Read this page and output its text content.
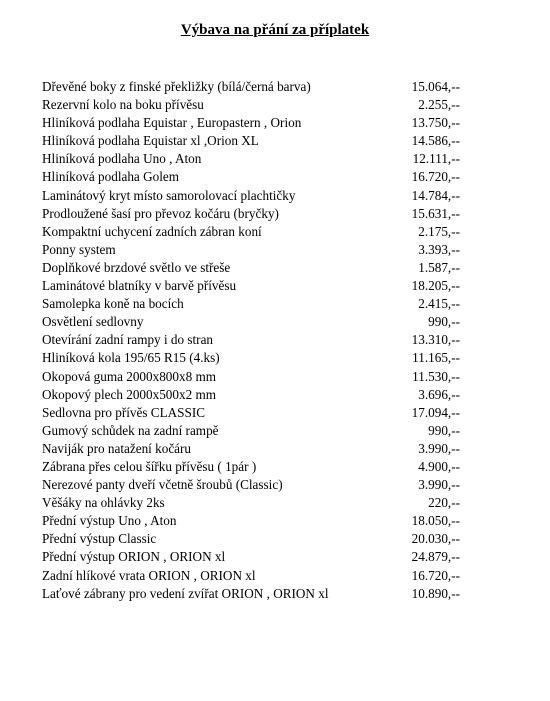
Výbava na přání za příplatek
Dřevěné boky z finské překližky (bílá/černá barva)	15.064,--
Rezervní kolo na boku přívěsu	2.255,--
Hliníková podlaha Equistar , Europastern , Orion	13.750,--
Hliníková podlaha Equistar xl ,Orion XL	14.586,--
Hliníková podlaha Uno , Aton	12.111,--
Hliníková podlaha Golem	16.720,--
Laminátový kryt místo samorolovací plachtičky	14.784,--
Prodloužené šasí pro převoz kočáru (bryčky)	15.631,--
Kompaktní uchycení zadních zábran koní	2.175,--
Ponny system	3.393,--
Doplňkové brzdové světlo ve střeše	1.587,--
Laminátové blatníky v barvě přívěsu	18.205,--
Samolepka koně na bocích	2.415,--
Osvětlení sedlovny	990,--
Otevírání zadní rampy i do stran	13.310,--
Hliníková kola 195/65 R15 (4.ks)	11.165,--
Okopová guma 2000x800x8 mm	11.530,--
Okopový plech 2000x500x2 mm	3.696,--
Sedlovna pro přívěs CLASSIC	17.094,--
Gumový schůdek na zadní rampě	990,--
Naviják pro natažení kočáru	3.990,--
Zábrana přes celou šířku přívěsu ( 1pár )	4.900,--
Nerezové panty dveří včetně šroubů (Classic)	3.990,--
Věšáky na ohlávky 2ks	220,--
Přední výstup Uno , Aton	18.050,--
Přední výstup Classic	20.030,--
Přední výstup ORION , ORION xl	24.879,--
Zadní hlíkové vrata ORION , ORION xl	16.720,--
Laťové zábrany pro vedení zvířat ORION , ORION xl	10.890,--
